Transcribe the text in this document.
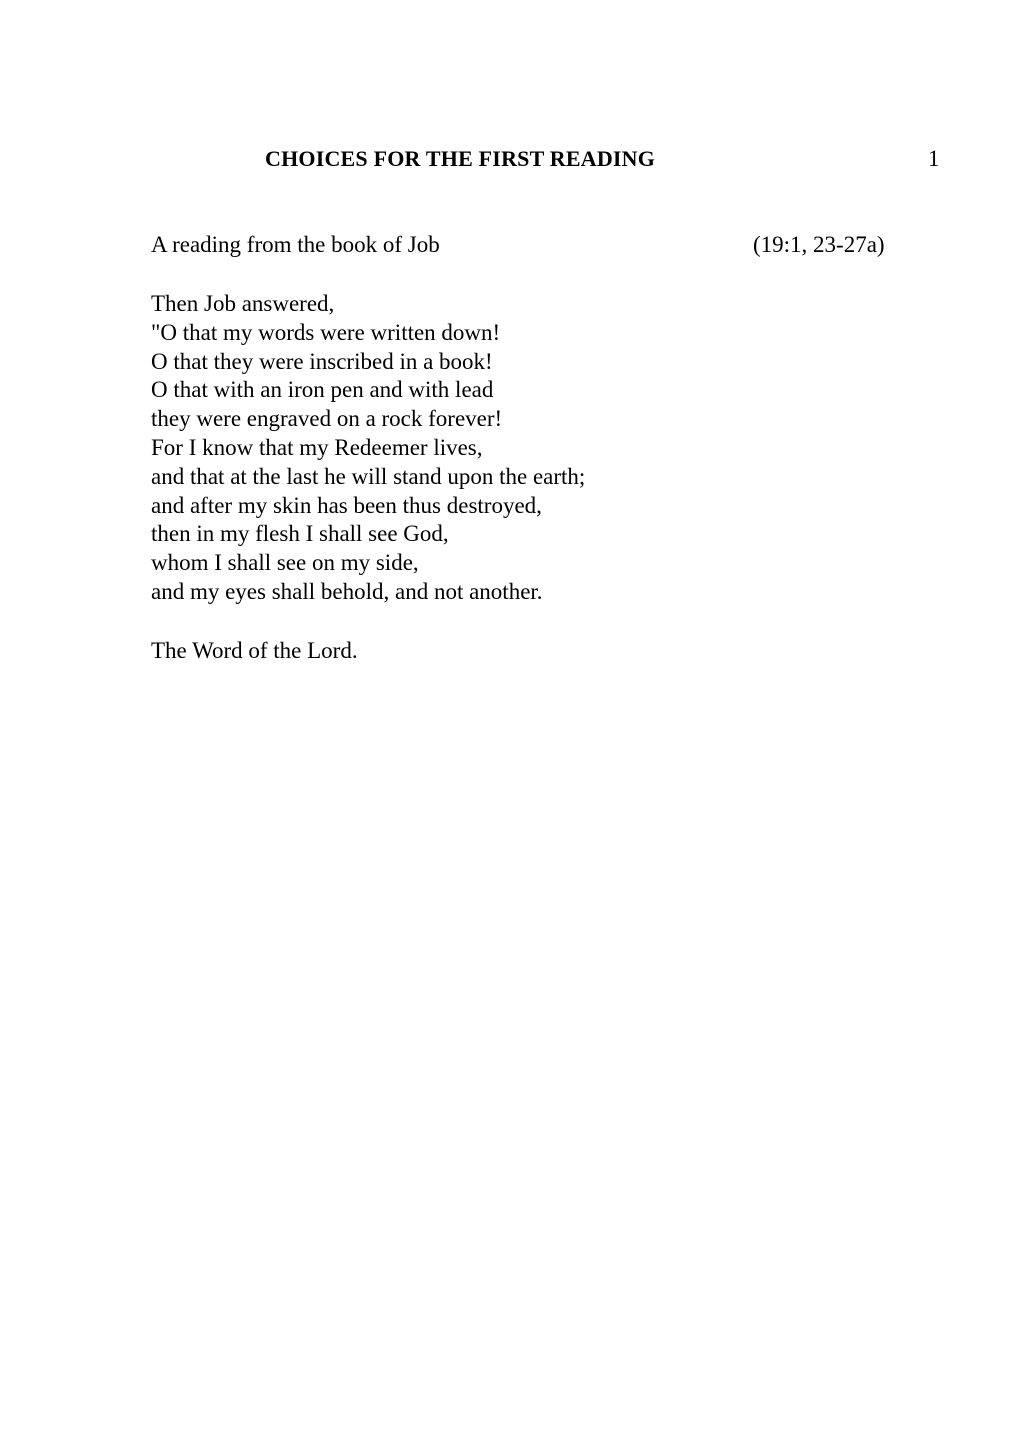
CHOICES FOR THE FIRST READING	1
A reading from the book of Job	(19:1, 23-27a)
Then Job answered,
"O that my words were written down!
O that they were inscribed in a book!
O that with an iron pen and with lead
they were engraved on a rock forever!
For I know that my Redeemer lives,
and that at the last he will stand upon the earth;
and after my skin has been thus destroyed,
then in my flesh I shall see God,
whom I shall see on my side,
and my eyes shall behold, and not another.
The Word of the Lord.
